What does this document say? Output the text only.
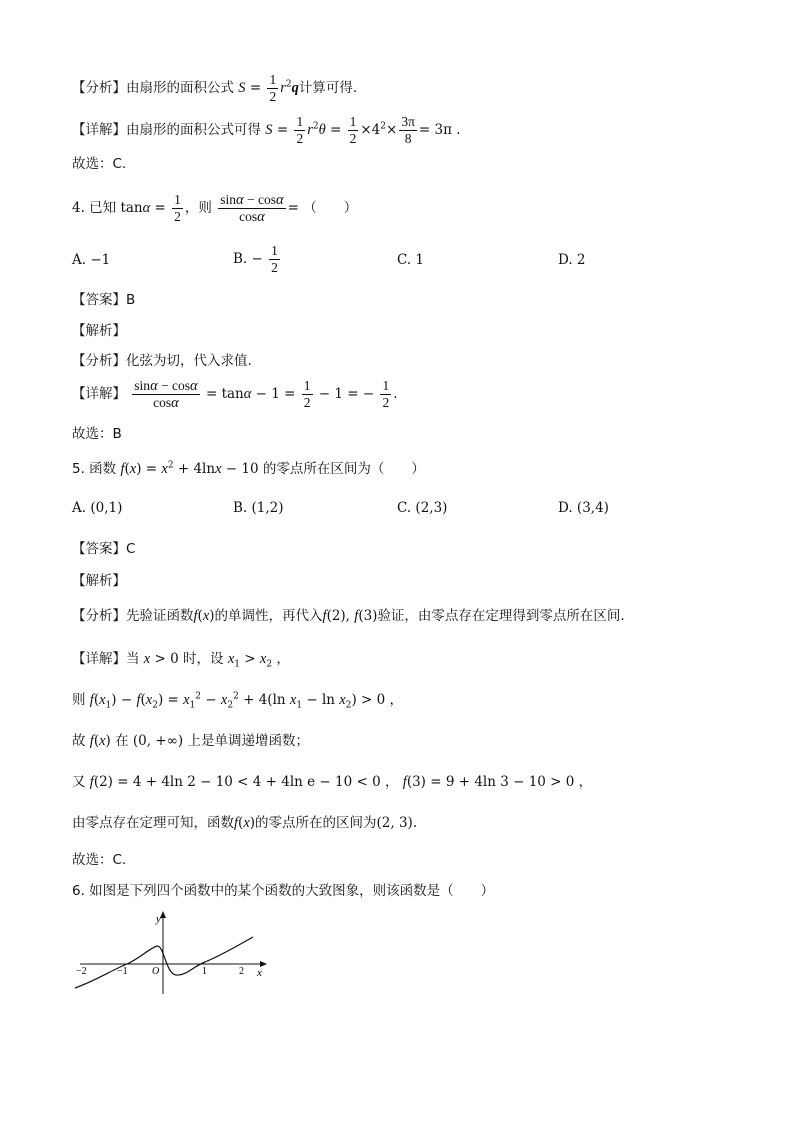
【分析】由扇形的面积公式 $S = \frac{1}{2} r^2q$计算可得.
【详解】由扇形的面积公式可得 $S = \frac{1}{2} r^2\theta = \frac{1}{2} \times 4^2\times \frac{3\pi}{8} = 3\pi$ .
故选：C.
4. 已知 $\tan\alpha = \frac{1}{2}$ ，则 $\frac{\sin\alpha - \cos\alpha}{\cos\alpha}$ = （　　）
A. −1	B. − $\frac{1}{2}$	C. 1	D. 2
【答案】B
【解析】
【分析】化弦为切，代入求值.
【详解】 $\frac{\sin\alpha - \cos\alpha}{\cos\alpha} = \tan\alpha - 1 = \frac{1}{2} - 1$ = − $\frac{1}{2}$ .
故选：B
5. 函数 $f(x) = x^2 + 4\ln x - 10$ 的零点所在区间为（　　）
A. (0,1)	B. (1,2)	C. (2,3)	D. (3,4)
【答案】C
【解析】
【分析】先验证函数f(x)的单调性，再代入f(2), f(3)验证，由零点存在定理得到零点所在区间.
【详解】当 x > 0 时，设 $x_1 > x_2$ ，
则 $f(x_1) - f(x_2) = x_1^2 - x_2^2 + 4(\ln$ $x_1 - \ln x_2) > 0$ ，
故 f(x) 在 (0, +∞) 上是单调递增函数；
又 f(2) = 4 + 4ln 2 − 10 < 4 + 4ln e − 10 < 0 ， f(3) = 9 + 4ln 3 − 10 > 0 ，
由零点存在定理可知，函数f(x)的零点所在的区间为(2, 3).
故选：C.
6. 如图是下列四个函数中的某个函数的大致图象，则该函数是（　　）
y
x
O
−2	−1	1	2
